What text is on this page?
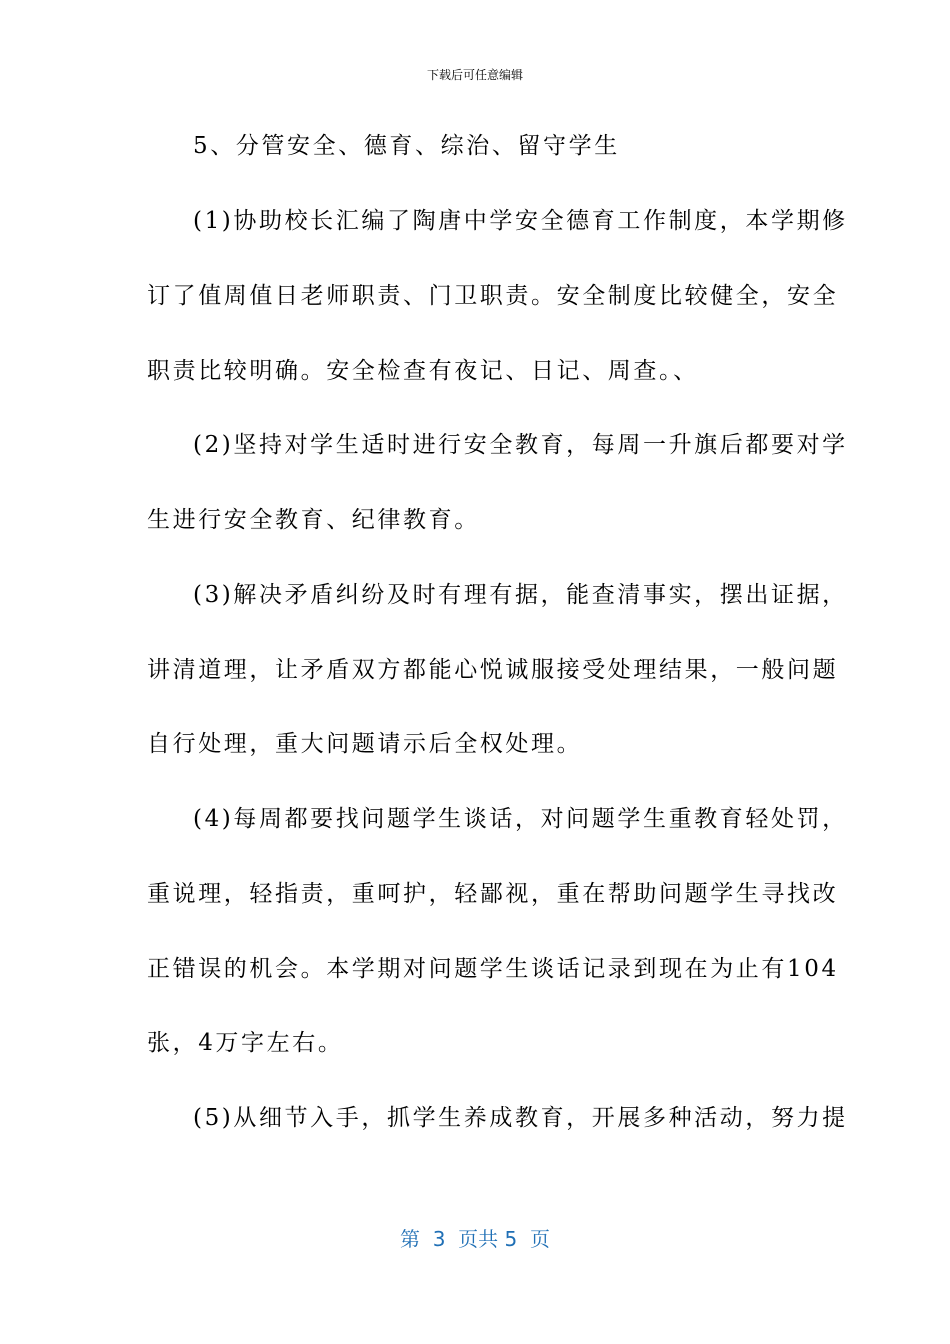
下载后可任意编辑
5、分管安全、德育、综治、留守学生
(1)协助校长汇编了陶唐中学安全德育工作制度，本学期修
订了值周值日老师职责、门卫职责。安全制度比较健全，安全
职责比较明确。安全检查有夜记、日记、周查。、
(2)坚持对学生适时进行安全教育，每周一升旗后都要对学
生进行安全教育、纪律教育。
(3)解决矛盾纠纷及时有理有据，能查清事实，摆出证据，
讲清道理，让矛盾双方都能心悦诚服接受处理结果，一般问题
自行处理，重大问题请示后全权处理。
(4)每周都要找问题学生谈话，对问题学生重教育轻处罚，
重说理，轻指责，重呵护，轻鄙视，重在帮助问题学生寻找改
正错误的机会。本学期对问题学生谈话记录到现在为止有104
张，4万字左右。
(5)从细节入手，抓学生养成教育，开展多种活动，努力提
第  3  页共 5  页
